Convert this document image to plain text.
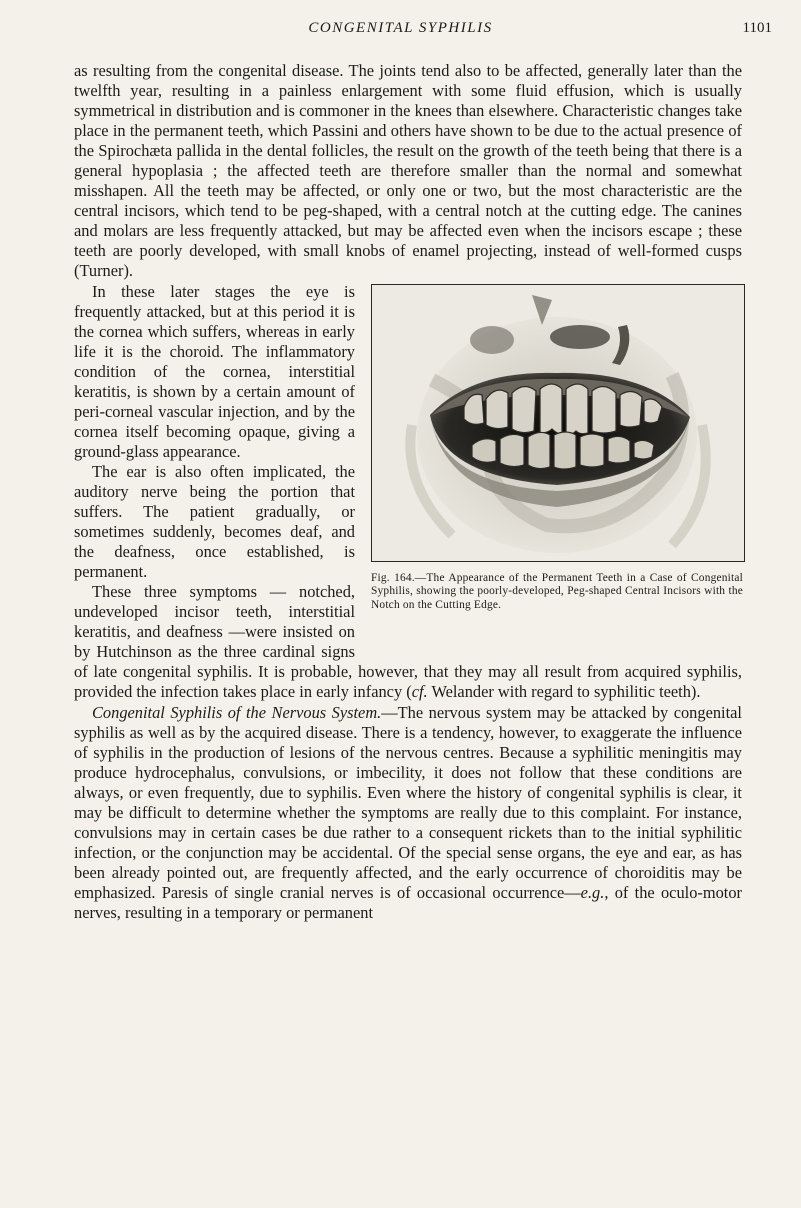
CONGENITAL SYPHILIS	1101

as resulting from the congenital disease. The joints tend also to be affected, generally later than the twelfth year, resulting in a painless enlargement with some fluid effusion, which is usually symmetrical in distribution and is commoner in the knees than elsewhere. Characteristic changes take place in the permanent teeth, which Passini and others have shown to be due to the actual presence of the Spirochæta pallida in the dental follicles, the result on the growth of the teeth being that there is a general hypoplasia ; the affected teeth are therefore smaller than the normal and somewhat misshapen. All the teeth may be affected, or only one or two, but the most characteristic are the central incisors, which tend to be peg-shaped, with a central notch at the cutting edge. The canines and molars are less frequently attacked, but may be affected even when the incisors escape ; these teeth are poorly developed, with small knobs of enamel projecting, instead of well-formed cusps (Turner).

Fig. 164.—The Appearance of the Permanent Teeth in a Case of Congenital Syphilis, showing the poorly-developed, Peg-shaped Central Incisors with the Notch on the Cutting Edge.

In these later stages the eye is frequently attacked, but at this period it is the cornea which suffers, whereas in early life it is the choroid. The inflammatory condition of the cornea, interstitial keratitis, is shown by a certain amount of peri-corneal vascular injection, and by the cornea itself becoming opaque, giving a ground-glass appearance.

The ear is also often implicated, the auditory nerve being the portion that suffers. The patient gradually, or sometimes suddenly, becomes deaf, and the deafness, once established, is permanent.

These three symptoms — notched, undeveloped incisor teeth, interstitial keratitis, and deafness —were insisted on by Hutchinson as the three cardinal signs of late congenital syphilis. It is probable, however, that they may all result from acquired syphilis, provided the infection takes place in early infancy (cf. Welander with regard to syphilitic teeth).

Congenital Syphilis of the Nervous System.—The nervous system may be attacked by congenital syphilis as well as by the acquired disease. There is a tendency, however, to exaggerate the influence of syphilis in the production of lesions of the nervous centres. Because a syphilitic meningitis may produce hydrocephalus, convulsions, or imbecility, it does not follow that these conditions are always, or even frequently, due to syphilis. Even where the history of congenital syphilis is clear, it may be difficult to determine whether the symptoms are really due to this complaint. For instance, convulsions may in certain cases be due rather to a consequent rickets than to the initial syphilitic infection, or the conjunction may be accidental. Of the special sense organs, the eye and ear, as has been already pointed out, are frequently affected, and the early occurrence of choroiditis may be emphasized. Paresis of single cranial nerves is of occasional occurrence—e.g., of the oculo-motor nerves, resulting in a temporary or permanent
